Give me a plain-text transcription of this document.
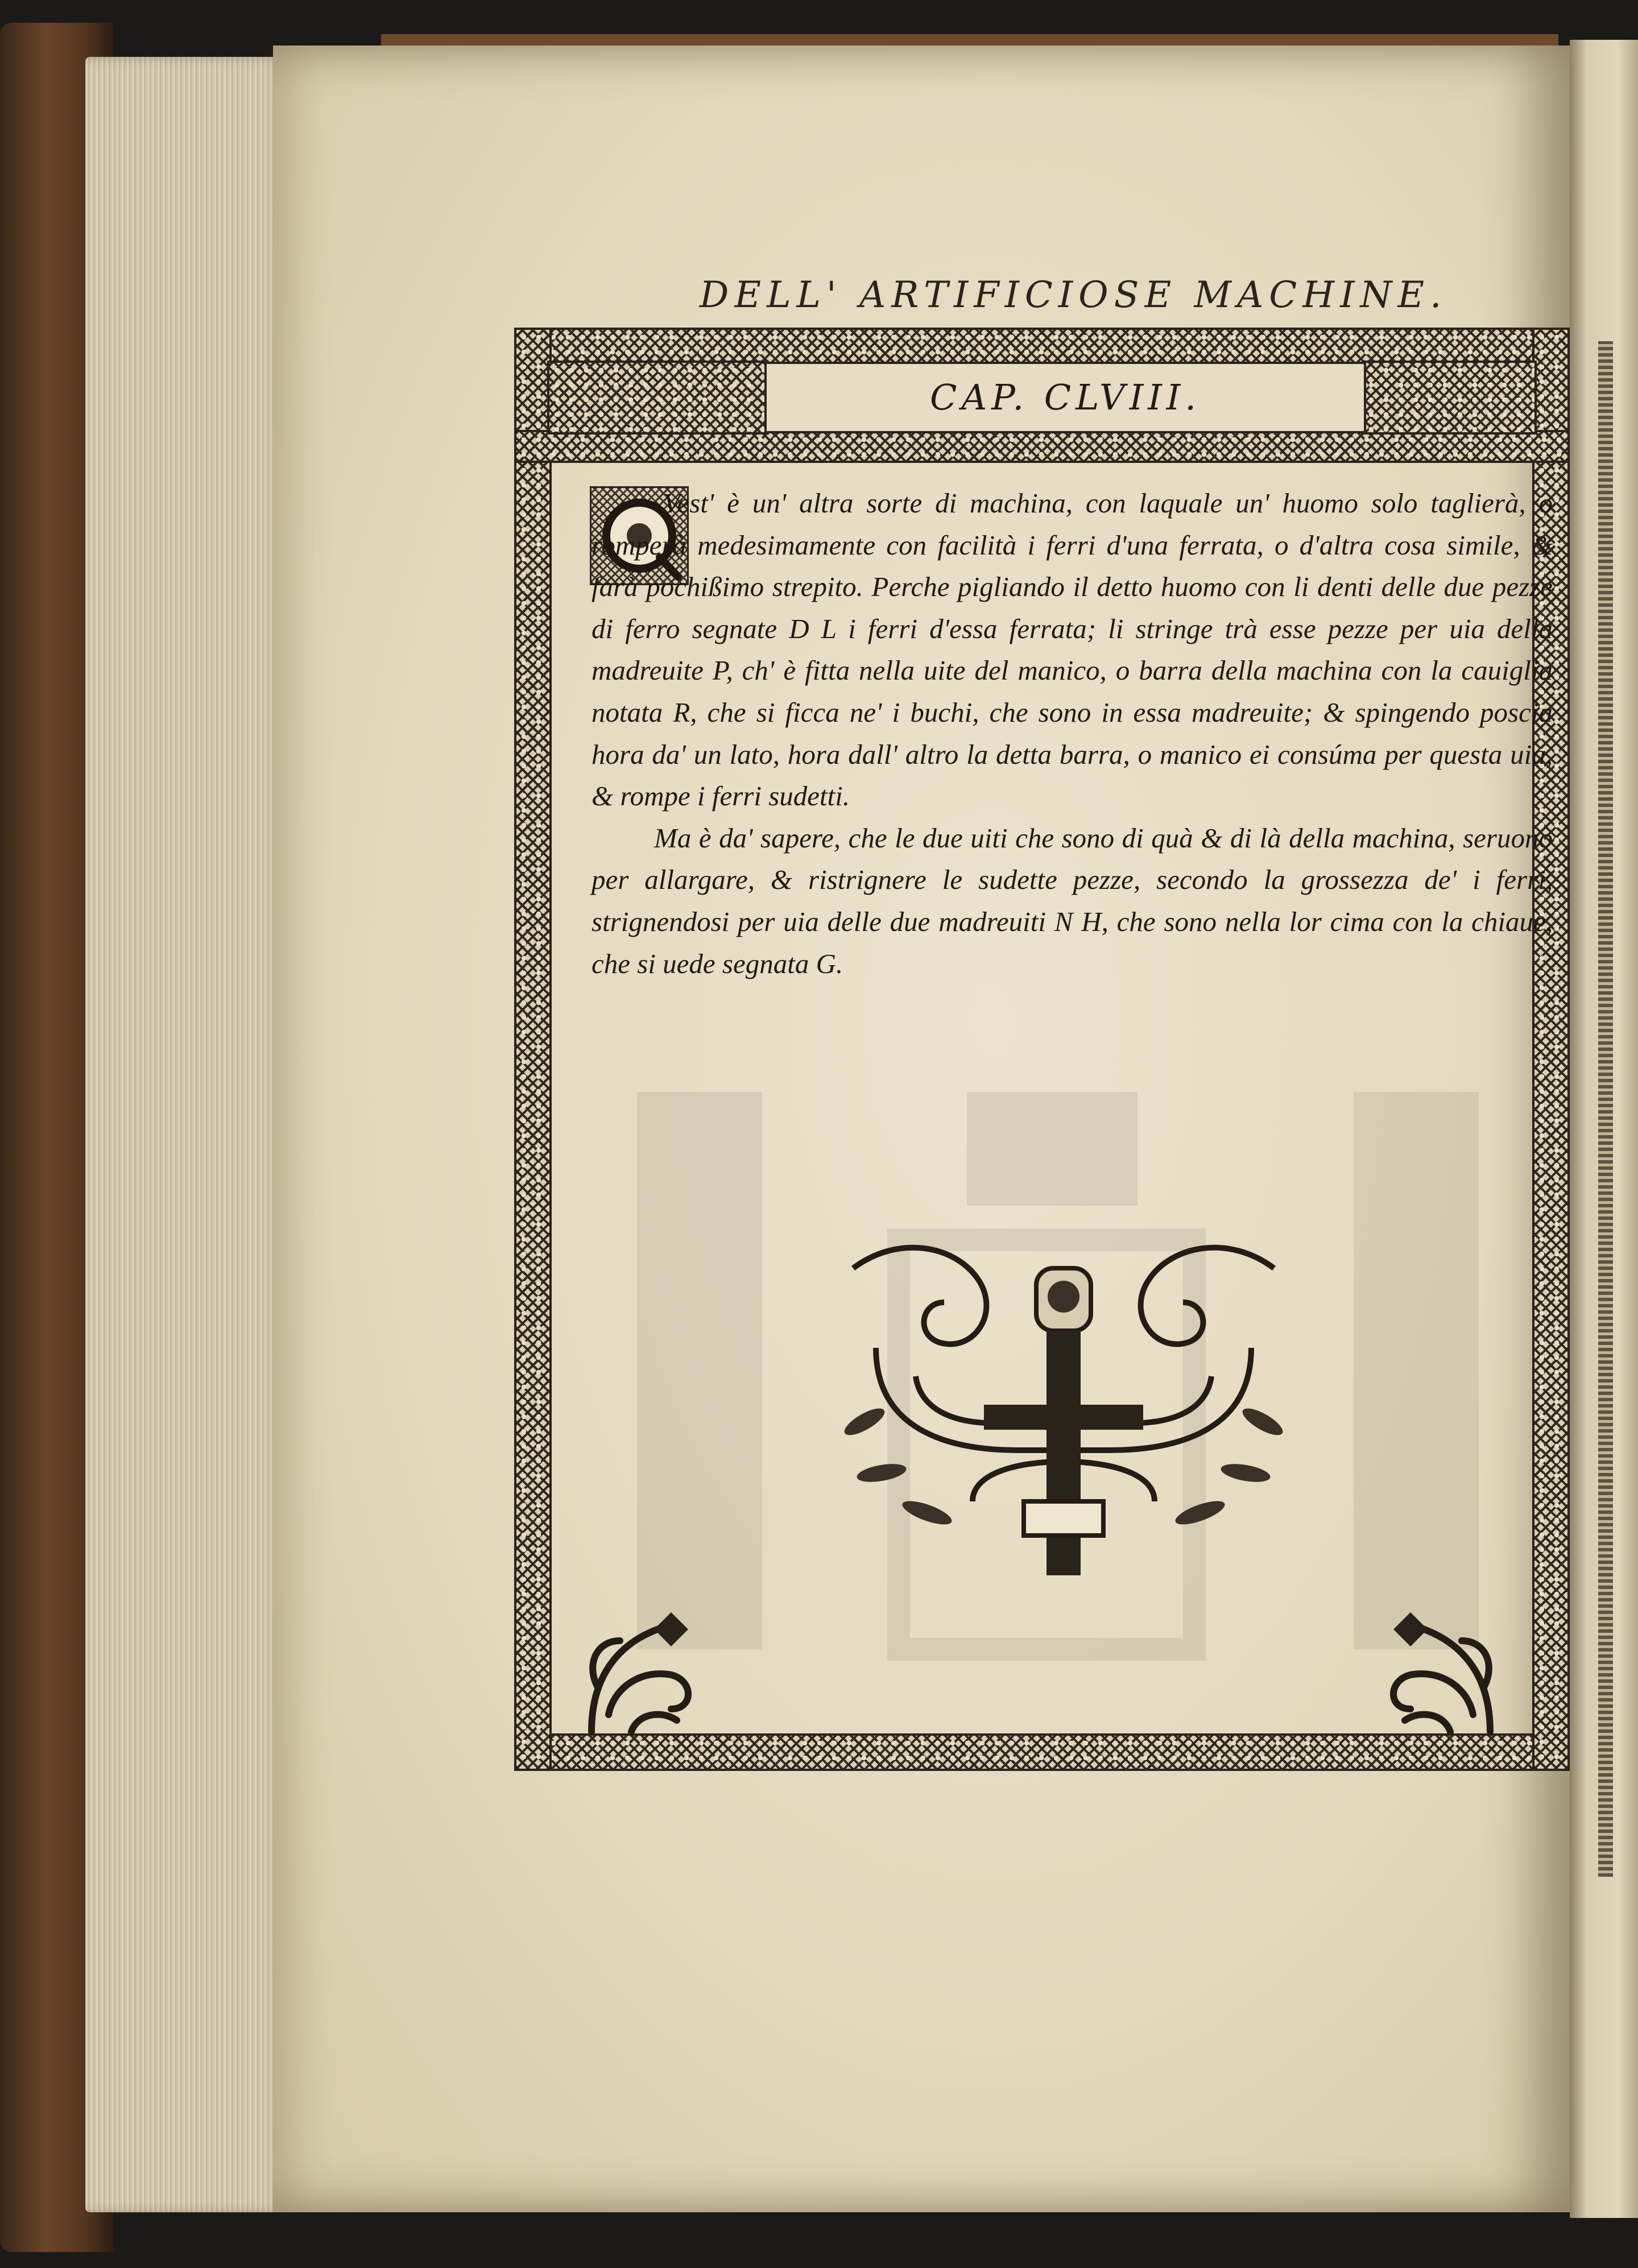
DELL' ARTIFICIOSE MACHINE.
CAP. CLVIII.

Vest' è un' altra sorte di machina, con laquale un' huomo solo taglierà, o romperà medesimamente con facilità i ferri d'una ferrata, o d'altra cosa simile, & farà pochißimo strepito. Perche pigliando il detto huomo con li denti delle due pezze di ferro segnate D L i ferri d'essa ferrata; li stringe trà esse pezze per uia della madreuite P, ch' è fitta nella uite del manico, o barra della machina con la cauiglia notata R, che si ficca ne' i buchi, che sono in essa madreuite; & spingendo poscia hora da' un lato, hora dall' altro la detta barra, o manico ei consúma per questa uia, & rompe i ferri sudetti.

Ma è da' sapere, che le due uiti che sono di quà & di là della machina, seruono per allargare, & ristrignere le sudette pezze, secondo la grossezza de' i ferri, strignendosi per uia delle due madreuiti N H, che sono nella lor cima con la chiaue, che si uede segnata G.
